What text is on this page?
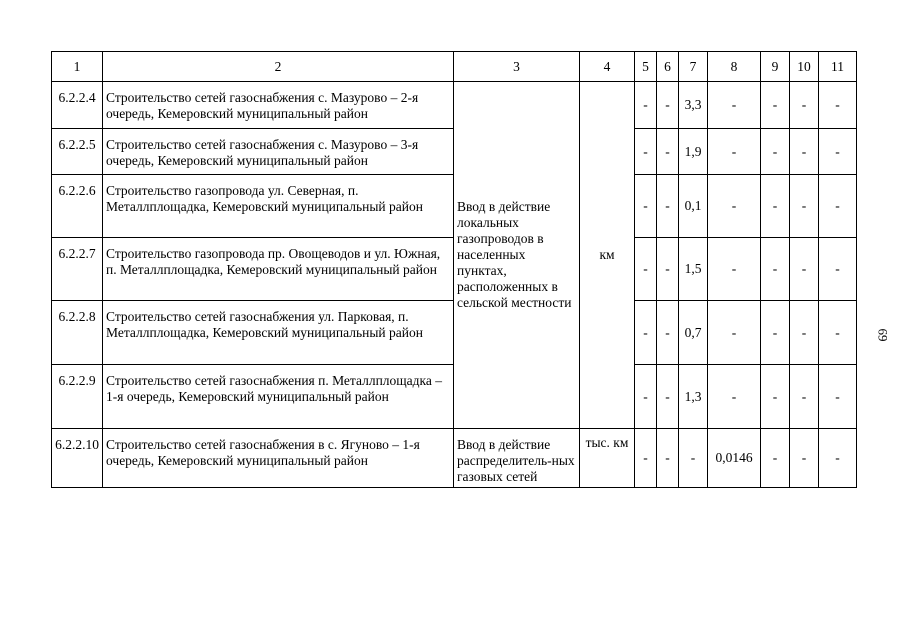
1	2	3	4	5	6	7	8	9	10	11
6.2.2.4	Строительство сетей газоснабжения с. Мазурово – 2-я очередь, Кемеровский муниципальный район	Ввод в действие локальных газопроводов в населенных пунктах, расположенных в сельской местности	км	-	-	3,3	-	-	-	-
6.2.2.5	Строительство сетей газоснабжения с. Мазурово – 3-я очередь, Кемеровский муниципальный район			-	-	1,9	-	-	-	-
6.2.2.6	Строительство газопровода ул. Северная, п. Металлплощадка, Кемеровский муниципальный район			-	-	0,1	-	-	-	-
6.2.2.7	Строительство газопровода пр. Овощеводов и ул. Южная, п. Металлплощадка, Кемеровский муниципальный район			-	-	1,5	-	-	-	-
6.2.2.8	Строительство сетей газоснабжения ул. Парковая, п. Металлплощадка, Кемеровский муниципальный район			-	-	0,7	-	-	-	-
6.2.2.9	Строительство сетей газоснабжения п. Металлплощадка – 1-я очередь, Кемеровский муниципальный район			-	-	1,3	-	-	-	-
6.2.2.10	Строительство сетей газоснабжения в с. Ягуново – 1-я очередь, Кемеровский муниципальный район	Ввод в действие распределитель-ных газовых сетей	тыс. км	-	-	-	0,0146	-	-	-
69
